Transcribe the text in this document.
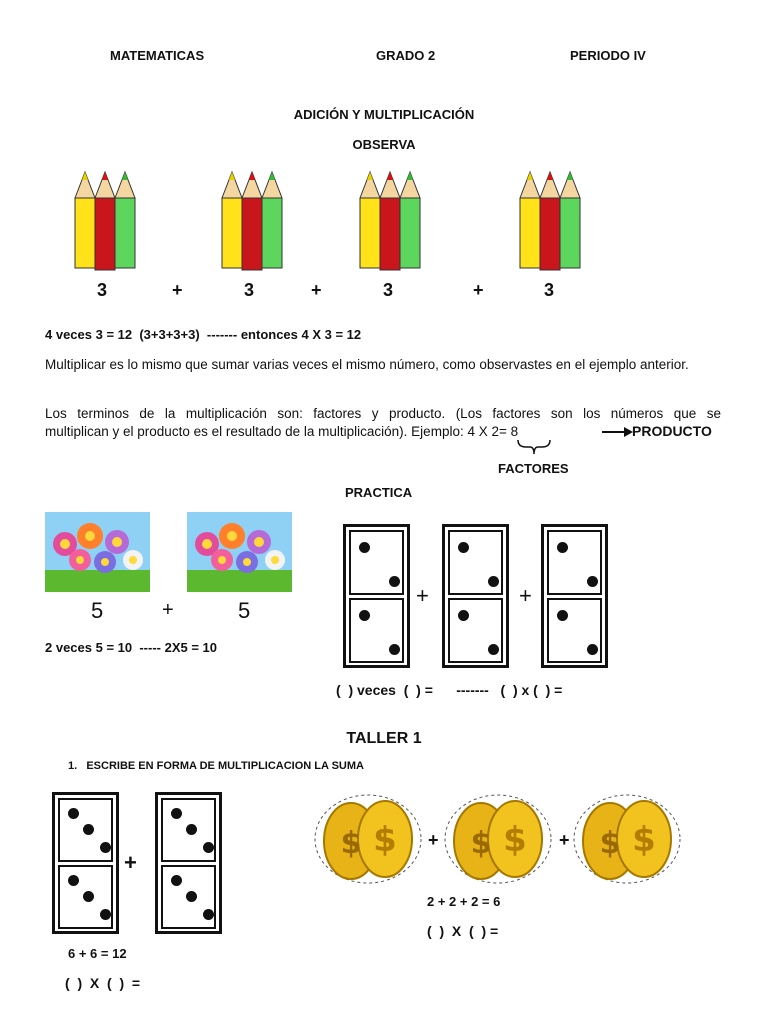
MATEMATICAS	GRADO 2	PERIODO IV
ADICIÓN Y MULTIPLICACIÓN
OBSERVA
3	+	3	+	3	+	3
4 veces 3 = 12  (3+3+3+3)  ------- entonces 4 X 3 = 12
Multiplicar es lo mismo que sumar varias veces el mismo número, como observastes en el ejemplo anterior.
Los terminos de la multiplicación son: factores y producto. (Los factores son los números que se
multiplican y el producto es el resultado de la multiplicación). Ejemplo: 4 X 2= 8	PRODUCTO
FACTORES
PRACTICA
5	+	5
2 veces 5 = 10  ----- 2X5 = 10
+	+
(  ) veces  (  ) =      -------   (  ) x (  ) =
TALLER 1
1.   ESCRIBE EN FORMA DE MULTIPLICACION LA SUMA
+
6 + 6 = 12
(  )  X  (  )  =
$
$	+ $
$	+ $
$
2 + 2 + 2 = 6
(  )  X  (  ) =
